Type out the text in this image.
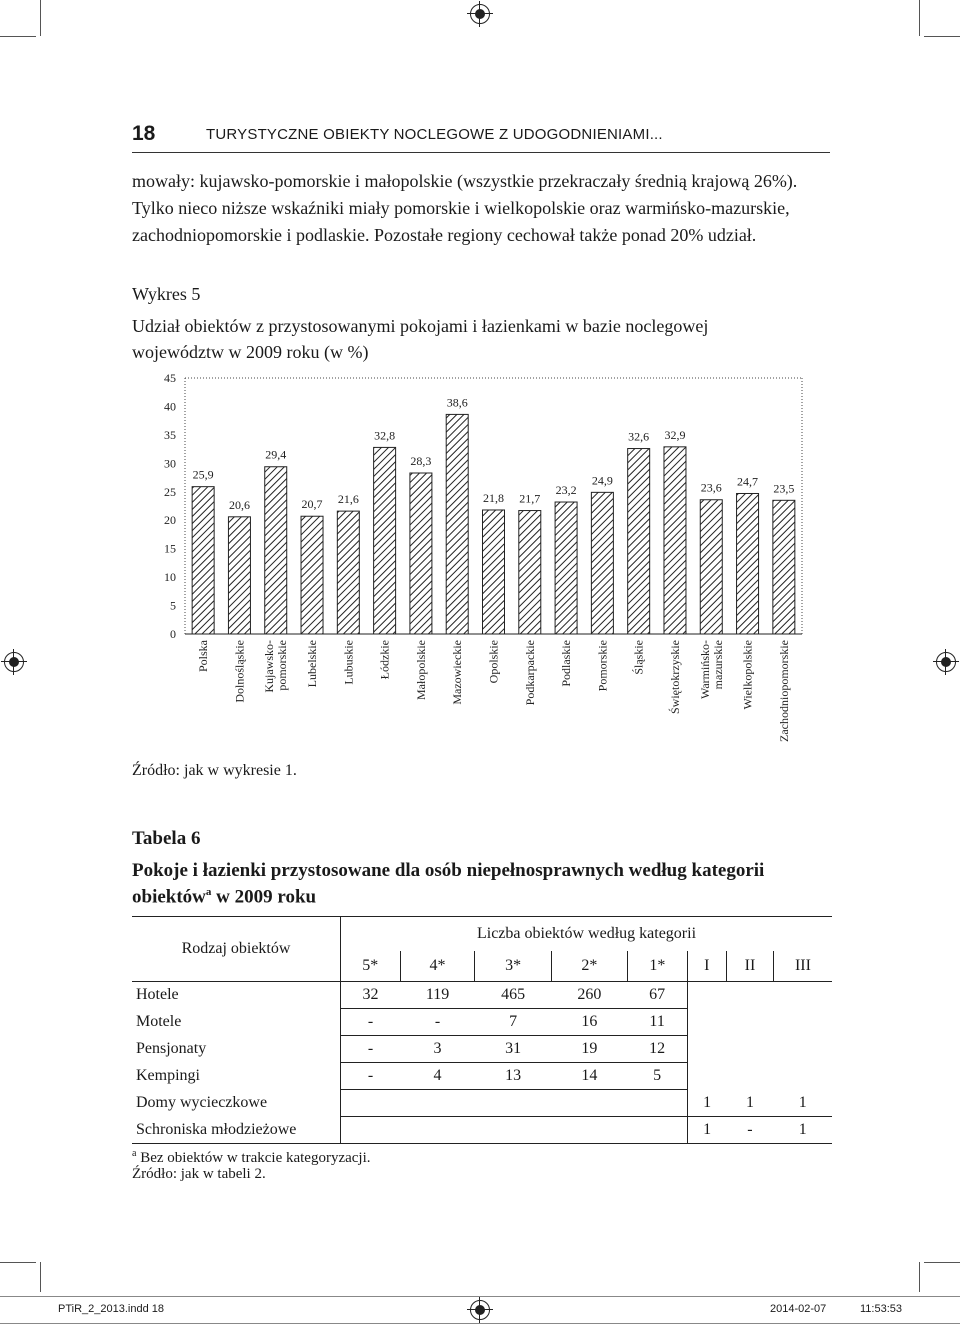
18	TURYSTYCZNE OBIEKTY NOCLEGOWE Z UDOGODNIENIAMI...
mowały: kujawsko-pomorskie i małopolskie (wszystkie przekraczały średnią krajową 26%).
Tylko nieco niższe wskaźniki miały pomorskie i wielkopolskie oraz warmińsko-mazurskie,
zachodniopomorskie i podlaskie. Pozostałe regiony cechował także ponad 20% udział.
Wykres 5
Udział obiektów z przystosowanymi pokojami i łazienkami w bazie noclegowej
województw w 2009 roku (w %)
0
5
10
15
20
25
30
35
40
45
25,9
20,6
29,4
20,7 21,6
32,8
28,3
38,6
21,8 21,7
23,2
24,9
32,6 32,9
23,6 24,7 23,5
Polska Dolnośląskie Kujawsko- pomorskie Lubelskie Lubuskie Łódzkie Małopolskie Mazowieckie Opolskie Podkarpackie Podlaskie Pomorskie Śląskie Świętokrzyskie Warmińsko- mazurskie Wielkopolskie Zachodniopomorskie
Źródło: jak w wykresie 1.
Tabela 6
Pokoje i łazienki przystosowane dla osób niepełnosprawnych według kategorii
obiektów$^a$ w 2009 roku
Rodzaj obiektów	Liczba obiektów według kategorii							
	5*	4*	3*	2*	1*	I	II	III
Hotele	32	119	465	260	67			
Motele	-	-	7	16	11			
Pensjonaty	-	3	31	19	12			
Kempingi	-	4	13	14	5			
Domy wycieczkowe						1	1	1
Schroniska młodzieżowe						1	-	1
$^a$ Bez obiektów w trakcie kategoryzacji.
Źródło: jak w tabeli 2.
PTiR_2_2013.indd 18	2014-02-07	11:53:53
